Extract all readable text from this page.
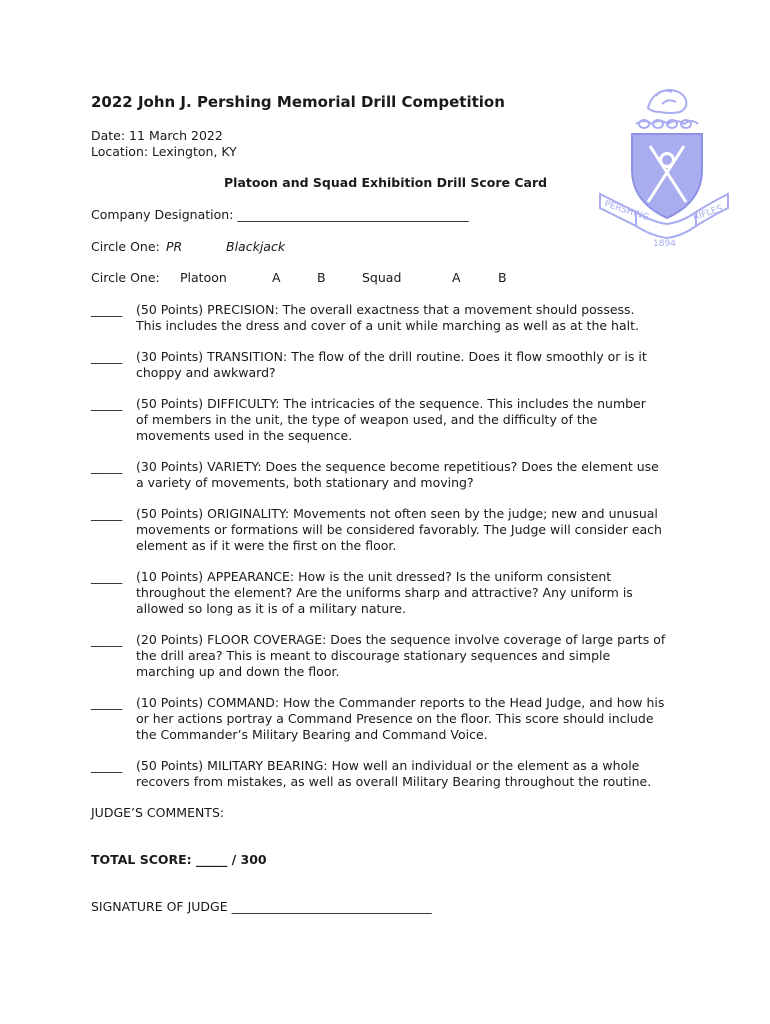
2022 John J. Pershing Memorial Drill Competition
Date: 11 March 2022
Location: Lexington, KY
Platoon and Squad Exhibition Drill Score Card
PERSHING	RIFLES
1894
Company Designation: _____________________________________
Circle One: PR	Blackjack
Circle One: Platoon	A	B	Squad	A	B
_____ (50 Points) PRECISION: The overall exactness that a movement should possess.
This includes the dress and cover of a unit while marching as well as at the halt.
_____ (30 Points) TRANSITION: The flow of the drill routine. Does it flow smoothly or is it
choppy and awkward?
_____ (50 Points) DIFFICULTY: The intricacies of the sequence. This includes the number
of members in the unit, the type of weapon used, and the difficulty of the
movements used in the sequence.
_____ (30 Points) VARIETY: Does the sequence become repetitious? Does the element use
a variety of movements, both stationary and moving?
_____ (50 Points) ORIGINALITY: Movements not often seen by the judge; new and unusual
movements or formations will be considered favorably. The Judge will consider each
element as if it were the first on the floor.
_____ (10 Points) APPEARANCE: How is the unit dressed? Is the uniform consistent
throughout the element? Are the uniforms sharp and attractive? Any uniform is
allowed so long as it is of a military nature.
_____ (20 Points) FLOOR COVERAGE: Does the sequence involve coverage of large parts of
the drill area? This is meant to discourage stationary sequences and simple
marching up and down the floor.
_____ (10 Points) COMMAND: How the Commander reports to the Head Judge, and how his
or her actions portray a Command Presence on the floor. This score should include
the Commander’s Military Bearing and Command Voice.
_____ (50 Points) MILITARY BEARING: How well an individual or the element as a whole
recovers from mistakes, as well as overall Military Bearing throughout the routine.
JUDGE’S COMMENTS:
TOTAL SCORE: _____ / 300
SIGNATURE OF JUDGE ________________________________
